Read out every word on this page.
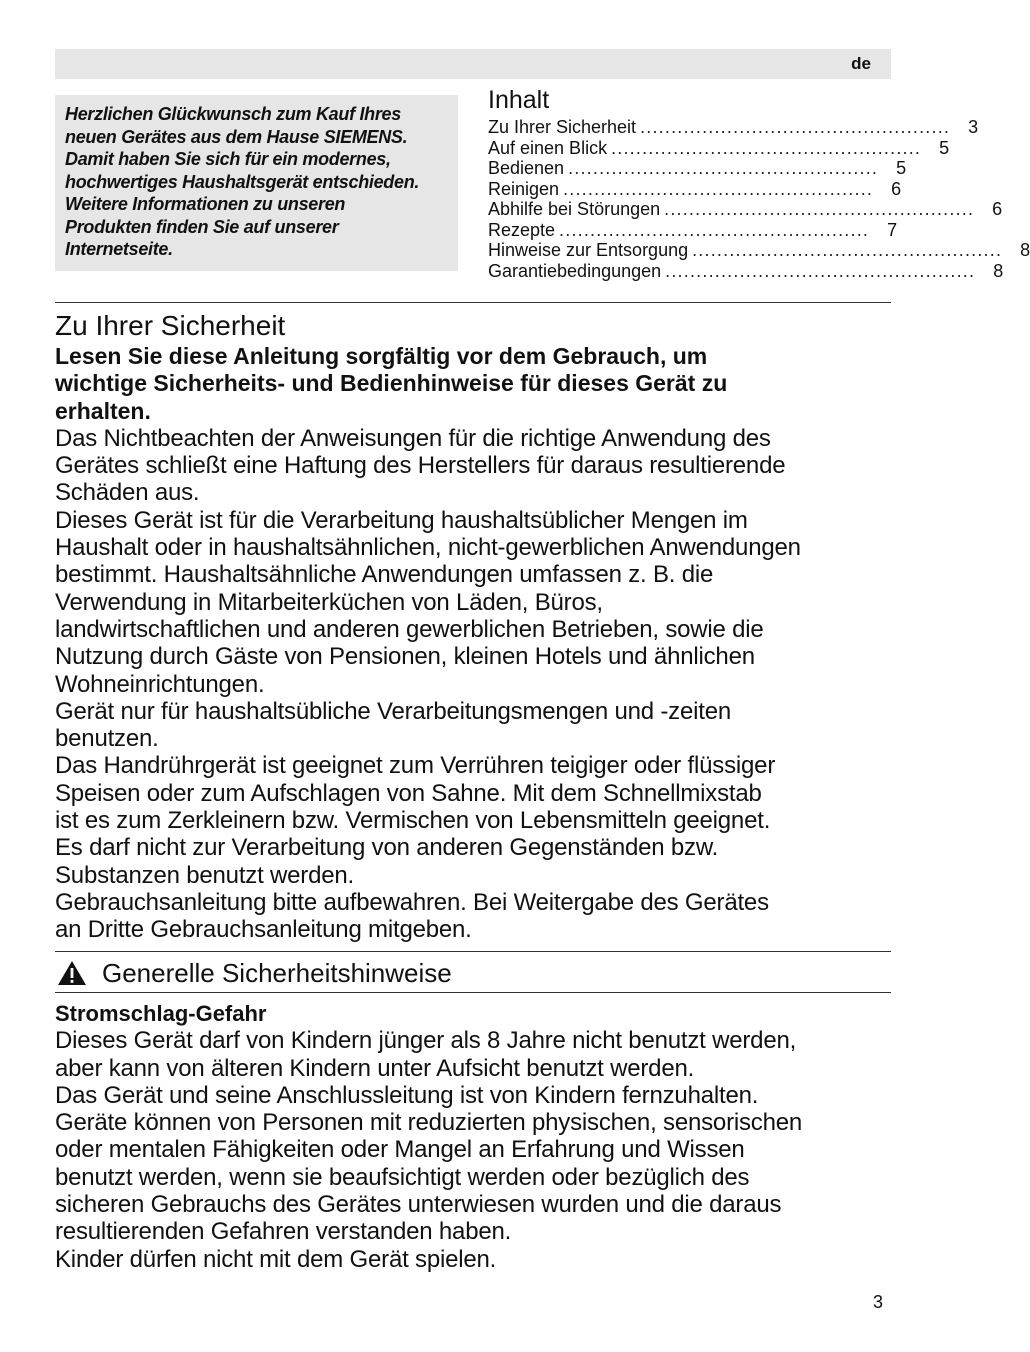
de
Herzlichen Glückwunsch zum Kauf Ihres
neuen Gerätes aus dem Hause SIEMENS.
Damit haben Sie sich für ein modernes,
hochwertiges Haushaltsgerät entschieden.
Weitere Informationen zu unseren
Produkten finden Sie auf unserer
Internetseite.
Inhalt
Zu Ihrer Sicherheit .................................................. 3
Auf einen Blick .................................................. 5
Bedienen .................................................. 5
Reinigen .................................................. 6
Abhilfe bei Störungen .................................................. 6
Rezepte .................................................. 7
Hinweise zur Entsorgung .................................................. 8
Garantiebedingungen .................................................. 8
Zu Ihrer Sicherheit
Lesen Sie diese Anleitung sorgfältig vor dem Gebrauch, um
wichtige Sicherheits- und Bedienhinweise für dieses Gerät zu
erhalten.
Das Nichtbeachten der Anweisungen für die richtige Anwendung des
Gerätes schließt eine Haftung des Herstellers für daraus resultierende
Schäden aus.
Dieses Gerät ist für die Verarbeitung haushaltsüblicher Mengen im
Haushalt oder in haushaltsähnlichen, nicht-gewerblichen Anwendungen
bestimmt. Haushaltsähnliche Anwendungen umfassen z. B. die
Verwendung in Mitarbeiterküchen von Läden, Büros,
landwirtschaftlichen und anderen gewerblichen Betrieben, sowie die
Nutzung durch Gäste von Pensionen, kleinen Hotels und ähnlichen
Wohneinrichtungen.
Gerät nur für haushaltsübliche Verarbeitungsmengen und -zeiten
benutzen.
Das Handrührgerät ist geeignet zum Verrühren teigiger oder flüssiger
Speisen oder zum Aufschlagen von Sahne. Mit dem Schnellmixstab
ist es zum Zerkleinern bzw. Vermischen von Lebensmitteln geeignet.
Es darf nicht zur Verarbeitung von anderen Gegenständen bzw.
Substanzen benutzt werden.
Gebrauchsanleitung bitte aufbewahren. Bei Weitergabe des Gerätes
an Dritte Gebrauchsanleitung mitgeben.
Generelle Sicherheitshinweise
Stromschlag-Gefahr
Dieses Gerät darf von Kindern jünger als 8 Jahre nicht benutzt werden,
aber kann von älteren Kindern unter Aufsicht benutzt werden.
Das Gerät und seine Anschlussleitung ist von Kindern fernzuhalten.
Geräte können von Personen mit reduzierten physischen, sensorischen
oder mentalen Fähigkeiten oder Mangel an Erfahrung und Wissen
benutzt werden, wenn sie beaufsichtigt werden oder bezüglich des
sicheren Gebrauchs des Gerätes unterwiesen wurden und die daraus
resultierenden Gefahren verstanden haben.
Kinder dürfen nicht mit dem Gerät spielen.
3
